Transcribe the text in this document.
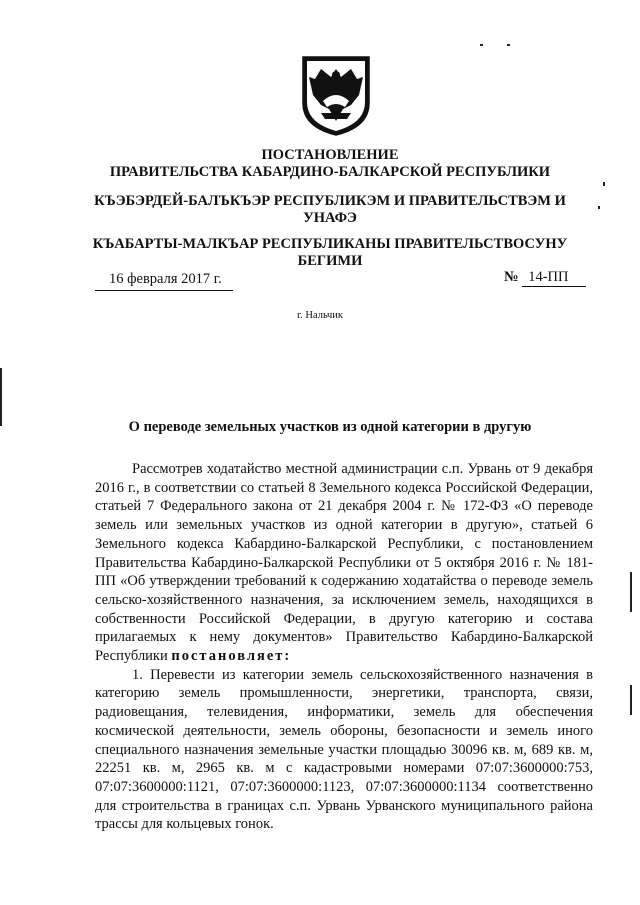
ПОСТАНОВЛЕНИЕ
ПРАВИТЕЛЬСТВА КАБАРДИНО-БАЛКАРСКОЙ РЕСПУБЛИКИ
КЪЭБЭРДЕЙ-БАЛЪКЪЭР РЕСПУБЛИКЭМ И ПРАВИТЕЛЬСТВЭМ И
УНАФЭ
КЪАБАРТЫ-МАЛКЪАР РЕСПУБЛИКАНЫ ПРАВИТЕЛЬСТВОСУНУ
БЕГИМИ
16 февраля 2017 г.	№ 14-ПП
г. Нальчик
О переводе земельных участков из одной категории в другую

Рассмотрев ходатайство местной администрации с.п. Урвань от 9 декабря 2016 г., в соответствии со статьей 8 Земельного кодекса Российской Федерации, статьей 7 Федерального закона от 21 декабря 2004 г. № 172-ФЗ «О переводе земель или земельных участков из одной категории в другую», статьей 6 Земельного кодекса Кабардино-Балкарской Республики, с постановлением Правительства Кабардино-Балкарской Республики от 5 октября 2016 г. № 181-ПП «Об утверждении требований к содержанию ходатайства о переводе земель сельско-хозяйственного назначения, за исключением земель, находящихся в собственности Российской Федерации, в другую категорию и состава прилагаемых к нему документов» Правительство Кабардино-Балкарской Республики постановляет:

1. Перевести из категории земель сельскохозяйственного назначения в категорию земель промышленности, энергетики, транспорта, связи, радиовещания, телевидения, информатики, земель для обеспечения космической деятельности, земель обороны, безопасности и земель иного специального назначения земельные участки площадью 30096 кв. м, 689 кв. м, 22251 кв. м, 2965 кв. м с кадастровыми номерами 07:07:3600000:753, 07:07:3600000:1121, 07:07:3600000:1123, 07:07:3600000:1134 соответственно для строительства в границах с.п. Урвань Урванского муниципального района трассы для кольцевых гонок.
